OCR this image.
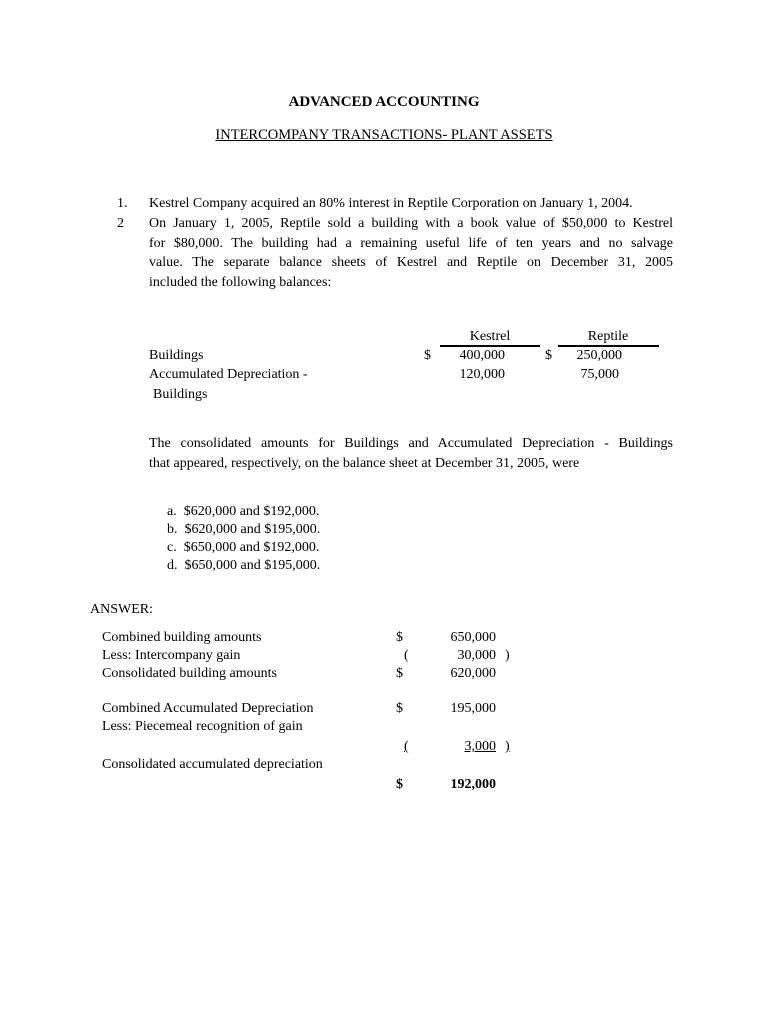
ADVANCED ACCOUNTING
INTERCOMPANY TRANSACTIONS- PLANT ASSETS
1. Kestrel Company acquired an 80% interest in Reptile Corporation on January 1, 2004.
2 On January 1, 2005, Reptile sold a building with a book value of $50,000 to Kestrel
for $80,000. The building had a remaining useful life of ten years and no salvage
value. The separate balance sheets of Kestrel and Reptile on December 31, 2005
included the following balances:
Kestrel	Reptile
Buildings	$	400,000	$	250,000
Accumulated Depreciation -	120,000	75,000
Buildings
The consolidated amounts for Buildings and Accumulated Depreciation - Buildings
that appeared, respectively, on the balance sheet at December 31, 2005, were
a. $620,000 and $192,000.
b. $620,000 and $195,000.
c. $650,000 and $192,000.
d. $650,000 and $195,000.
ANSWER:
Combined building amounts	$	650,000
Less: Intercompany gain	(	30,000 )
Consolidated building amounts	$	620,000
Combined Accumulated Depreciation	$	195,000
Less: Piecemeal recognition of gain
(	3,000 )
Consolidated accumulated depreciation
$	192,000
